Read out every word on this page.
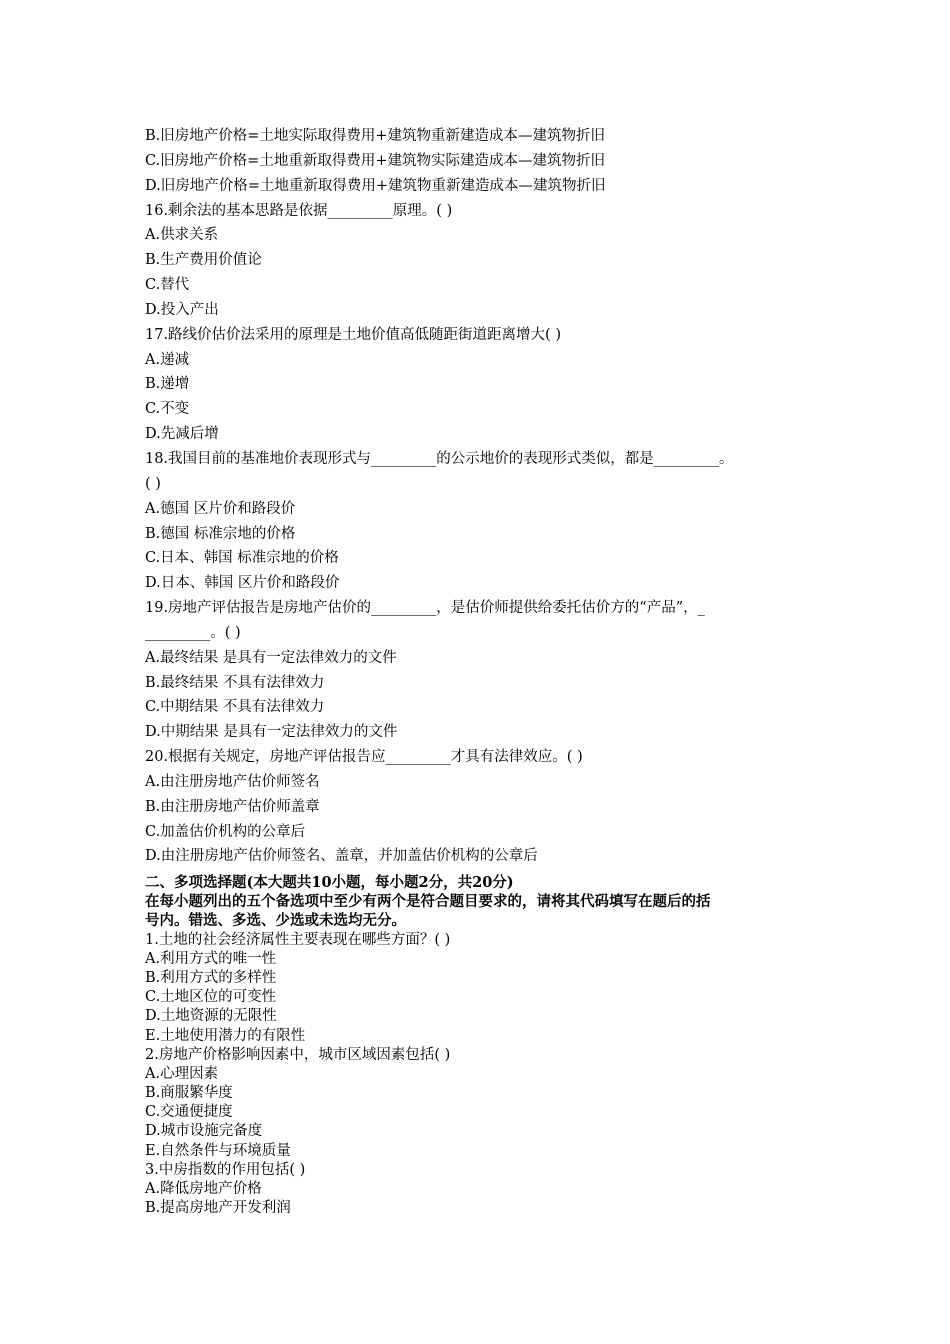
B.旧房地产价格=土地实际取得费用+建筑物重新建造成本—建筑物折旧
C.旧房地产价格=土地重新取得费用+建筑物实际建造成本—建筑物折旧
D.旧房地产价格=土地重新取得费用+建筑物重新建造成本—建筑物折旧
16.剩余法的基本思路是依据_________原理。( )
A.供求关系
B.生产费用价值论
C.替代
D.投入产出
17.路线价估价法采用的原理是土地价值高低随距街道距离增大( )
A.递减
B.递增
C.不变
D.先减后增
18.我国目前的基准地价表现形式与_________的公示地价的表现形式类似，都是_________。
( )
A.德国 区片价和路段价
B.德国 标准宗地的价格
C.日本、韩国 标准宗地的价格
D.日本、韩国 区片价和路段价
19.房地产评估报告是房地产估价的_________，是估价师提供给委托估价方的“产品”，_
_________。( )
A.最终结果 是具有一定法律效力的文件
B.最终结果 不具有法律效力
C.中期结果 不具有法律效力
D.中期结果 是具有一定法律效力的文件
20.根据有关规定，房地产评估报告应_________才具有法律效应。( )
A.由注册房地产估价师签名
B.由注册房地产估价师盖章
C.加盖估价机构的公章后
D.由注册房地产估价师签名、盖章，并加盖估价机构的公章后
二、多项选择题(本大题共10小题，每小题2分，共20分)
在每小题列出的五个备选项中至少有两个是符合题目要求的，请将其代码填写在题后的括
号内。错选、多选、少选或未选均无分。
1.土地的社会经济属性主要表现在哪些方面？( )
A.利用方式的唯一性
B.利用方式的多样性
C.土地区位的可变性
D.土地资源的无限性
E.土地使用潜力的有限性
2.房地产价格影响因素中，城市区域因素包括( )
A.心理因素
B.商服繁华度
C.交通便捷度
D.城市设施完备度
E.自然条件与环境质量
3.中房指数的作用包括( )
A.降低房地产价格
B.提高房地产开发利润
